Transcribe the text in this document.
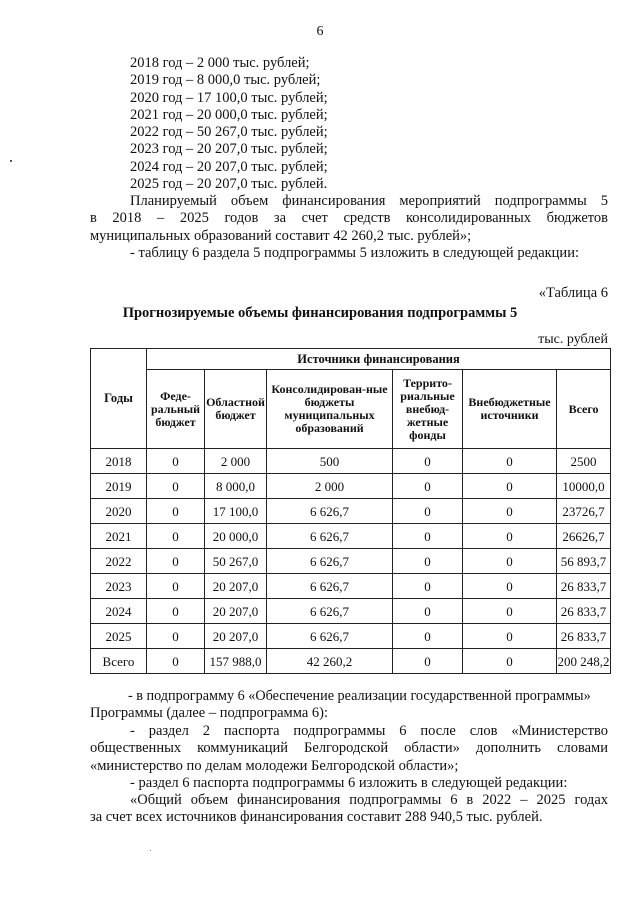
6
2018 год – 2 000 тыс. рублей;
2019 год – 8 000,0 тыс. рублей;
2020 год – 17 100,0 тыс. рублей;
2021 год – 20 000,0 тыс. рублей;
2022 год – 50 267,0 тыс. рублей;
2023 год – 20 207,0 тыс. рублей;
2024 год – 20 207,0 тыс. рублей;
2025 год – 20 207,0 тыс. рублей.
Планируемый объем финансирования мероприятий подпрограммы 5
в 2018 – 2025 годов за счет средств консолидированных бюджетов
муниципальных образований составит 42 260,2 тыс. рублей»;
- таблицу 6 раздела 5 подпрограммы 5 изложить в следующей редакции:
«Таблица 6
Прогнозируемые объемы финансирования подпрограммы 5
тыс. рублей
Годы	Источники финансирования					
	Феде-ральный бюджет	Областной бюджет	Консолидирован-ные бюджеты муниципальных образований	Террито-риальные внебюд-жетные фонды	Внебюджетные источники	Всего
2018	0	2 000	500	0	0	2500
2019	0	8 000,0	2 000	0	0	10000,0
2020	0	17 100,0	6 626,7	0	0	23726,7
2021	0	20 000,0	6 626,7	0	0	26626,7
2022	0	50 267,0	6 626,7	0	0	56 893,7
2023	0	20 207,0	6 626,7	0	0	26 833,7
2024	0	20 207,0	6 626,7	0	0	26 833,7
2025	0	20 207,0	6 626,7	0	0	26 833,7
Всего	0	157 988,0	42 260,2	0	0	200 248,2
- в подпрограмму 6 «Обеспечение реализации государственной программы»
Программы (далее – подпрограмма 6):
- раздел 2 паспорта подпрограммы 6 после слов «Министерство
общественных коммуникаций Белгородской области» дополнить словами
«министерство по делам молодежи Белгородской области»;
- раздел 6 паспорта подпрограммы 6 изложить в следующей редакции:
«Общий объем финансирования подпрограммы 6 в 2022 – 2025 годах
за счет всех источников финансирования составит 288 940,5 тыс. рублей.
